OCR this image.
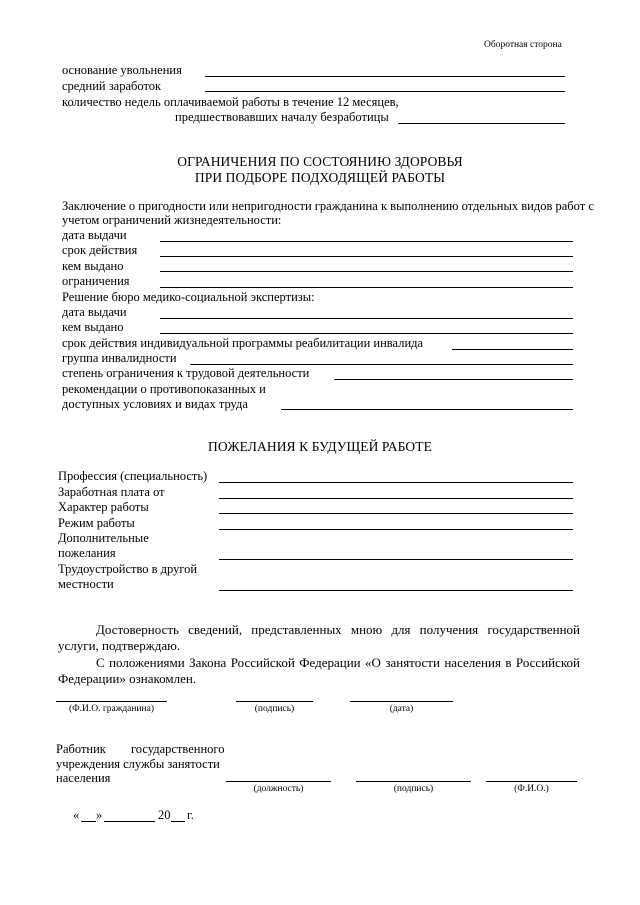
Оборотная сторона
основание увольнения
средний заработок
количество недель оплачиваемой работы в течение 12 месяцев,
предшествовавших началу безработицы
ОГРАНИЧЕНИЯ ПО СОСТОЯНИЮ ЗДОРОВЬЯ
ПРИ ПОДБОРЕ ПОДХОДЯЩЕЙ РАБОТЫ
Заключение о пригодности или непригодности гражданина к выполнению отдельных видов работ с
учетом ограничений жизнедеятельности:
дата выдачи
срок действия
кем выдано
ограничения
Решение бюро медико-социальной экспертизы:
дата выдачи
кем выдано
срок действия индивидуальной программы реабилитации инвалида
группа инвалидности
степень ограничения к трудовой деятельности
рекомендации о противопоказанных и
доступных условиях и видах труда
ПОЖЕЛАНИЯ К БУДУЩЕЙ РАБОТЕ
Профессия (специальность)
Заработная плата от
Характер работы
Режим работы
Дополнительные
пожелания
Трудоустройство в другой
местности
Достоверность сведений, представленных мною для получения государственной услуги, подтверждаю.
С положениями Закона Российской Федерации «О занятости населения в Российской Федерации» ознакомлен.
(Ф.И.О. гражданина)	(подпись)	(дата)
Работник государственного
учреждения службы занятости
населения
(должность)	(подпись)	(Ф.И.О.)
« »	20 г.
